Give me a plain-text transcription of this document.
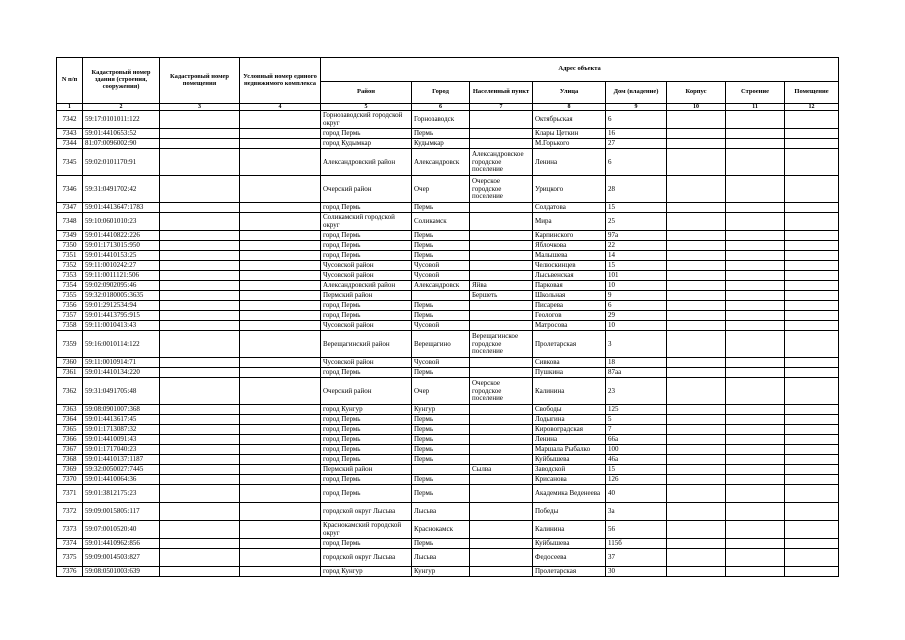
N п/п	Кадастровый номер здания (строения, сооружения)	Кадастровый номер помещения	Условный номер единого недвижимого комплекса	Адрес объекта							
				Район	Город	Населенный пункт	Улица	Дом (владение)	Корпус	Строение	Помещение
1	2	3	4	5	6	7	8	9	10	11	12
7342	59:17:0101011:122			Горнозаводский городской округ	Горнозаводск		Октябрьская	6			
7343	59:01:4410653:52			город Пермь	Пермь		Клары Цеткин	16			
7344	81:07:0096002:90			город Кудымкар	Кудымкар		М.Горького	27			
7345	59:02:0101170:91			Александровский район	Александровск	Александровское городское поселение	Ленина	6			
7346	59:31:0491702:42			Очерский район	Очер	Очерское городское поселение	Урицкого	28			
7347	59:01:4413647:1783			город Пермь	Пермь		Солдатова	15			
7348	59:10:0601010:23			Соликамский городской округ	Соликамск		Мира	25			
7349	59:01:4410822:226			город Пермь	Пермь		Карпинского	97а			
7350	59:01:1713015:950			город Пермь	Пермь		Яблочкова	22			
7351	59:01:4410153:25			город Пермь	Пермь		Малышева	14			
7352	59:11:0010242:27			Чусовской район	Чусовой		Челюскинцев	15			
7353	59:11:0011121:506			Чусовской район	Чусовой		Лысьвенская	101			
7354	59:02:0902095:46			Александровский район	Александровск	Яйва	Парковая	10			
7355	59:32:0180005:3635			Пермский район		Бершеть	Школьная	9			
7356	59:01:2912534:94			город Пермь	Пермь		Писарева	6			
7357	59:01:4413795:915			город Пермь	Пермь		Геологов	29			
7358	59:11:0010413:43			Чусовской район	Чусовой		Матросова	10			
7359	59:16:0010114:122			Верещагинский район	Верещагино	Верещагинское городское поселение	Пролетарская	3			
7360	59:11:0010914:71			Чусовской район	Чусовой		Сивкова	18			
7361	59:01:4410134:220			город Пермь	Пермь		Пушкина	87аа			
7362	59:31:0491705:48			Очерский район	Очер	Очерское городское поселение	Калинина	23			
7363	59:08:0901007:368			город Кунгур	Кунгур		Свободы	125			
7364	59:01:4413617:45			город Пермь	Пермь		Лодыгина	5			
7365	59:01:1713087:32			город Пермь	Пермь		Кировоградская	7			
7366	59:01:4410091:43			город Пермь	Пермь		Ленина	66а			
7367	59:01:1717040:23			город Пермь	Пермь		Маршала Рыбалко	100			
7368	59:01:4410137:1187			город Пермь	Пермь		Куйбышева	46а			
7369	59:32:0050027:7445			Пермский район		Сылва	Заводской	15			
7370	59:01:4410064:36			город Пермь	Пермь		Крисанова	126			
7371	59:01:3812175:23			город Пермь	Пермь		Академика Веденеева	40			
7372	59:09:0015805:117			городской округ Лысьва	Лысьва		Победы	3а			
7373	59:07:0010520:40			Краснокамский городской округ	Краснокамск		Калинина	56			
7374	59:01:4410962:856			город Пермь	Пермь		Куйбышева	115б			
7375	59:09:0014503:827			городской округ Лысьва	Лысьва		Федосеева	37			
7376	59:08:0501003:639			город Кунгур	Кунгур		Пролетарская	30			
